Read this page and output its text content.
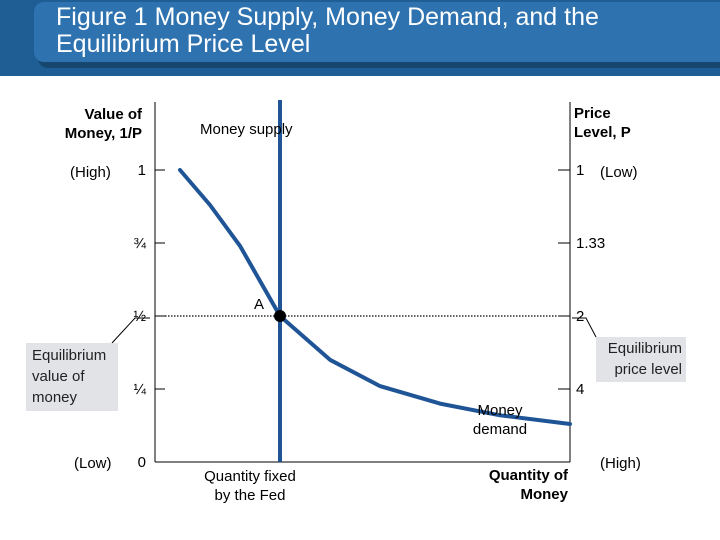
Figure 1 Money Supply, Money Demand, and the Equilibrium Price Level
0
¼
½
¾
1	1
1.33
2
4
Value of
Money, 1/P
(High)
(Low)
Price
Level, P
(Low)
(High)
Quantity of
Money
Money supply
Money
demand
A
Quantity fixed
by the Fed
Equilibrium
value of
money
Equilibrium
price level
Copyright © 2004 South-Western
